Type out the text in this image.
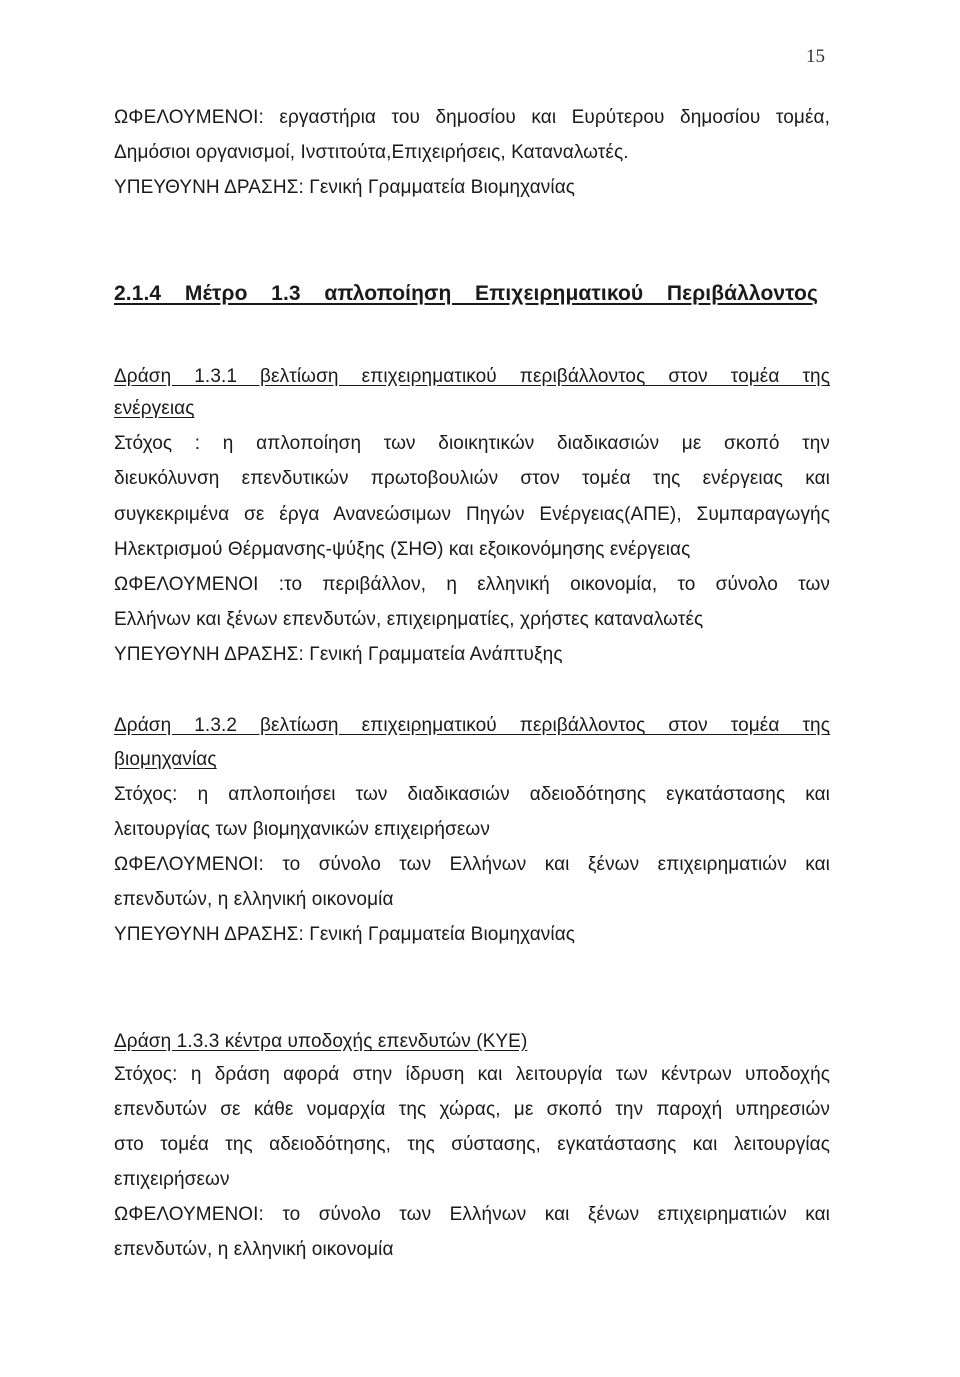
15
ΩΦΕΛΟΥΜΕΝΟΙ: εργαστήρια του δημοσίου και Ευρύτερου δημοσίου τομέα,
Δημόσιοι οργανισμοί, Ινστιτούτα,Επιχειρήσεις, Καταναλωτές.
ΥΠΕΥΘΥΝΗ ΔΡΑΣΗΣ: Γενική Γραμματεία Βιομηχανίας
2.1.4 Μέτρο 1.3 απλοποίηση Επιχειρηματικού Περιβάλλοντος
Δράση 1.3.1 βελτίωση επιχειρηματικού περιβάλλοντος στον τομέα της
ενέργειας
Στόχος : η απλοποίηση των διοικητικών διαδικασιών με σκοπό την
διευκόλυνση επενδυτικών πρωτοβουλιών στον τομέα της ενέργειας και
συγκεκριμένα σε έργα Ανανεώσιμων Πηγών Ενέργειας(ΑΠΕ), Συμπαραγωγής
Ηλεκτρισμού Θέρμανσης-ψύξης (ΣΗΘ) και εξοικονόμησης ενέργειας
ΩΦΕΛΟΥΜΕΝΟΙ :το περιβάλλον, η ελληνική οικονομία, το σύνολο των
Ελλήνων και ξένων επενδυτών, επιχειρηματίες, χρήστες καταναλωτές
ΥΠΕΥΘΥΝΗ ΔΡΑΣΗΣ: Γενική Γραμματεία Ανάπτυξης
Δράση 1.3.2 βελτίωση επιχειρηματικού περιβάλλοντος στον τομέα της
βιομηχανίας
Στόχος: η απλοποιήσει των διαδικασιών αδειοδότησης εγκατάστασης και
λειτουργίας των βιομηχανικών επιχειρήσεων
ΩΦΕΛΟΥΜΕΝΟΙ: το σύνολο των Ελλήνων και ξένων επιχειρηματιών και
επενδυτών, η ελληνική οικονομία
ΥΠΕΥΘΥΝΗ ΔΡΑΣΗΣ: Γενική Γραμματεία Βιομηχανίας
Δράση 1.3.3 κέντρα υποδοχής επενδυτών (ΚΥΕ)
Στόχος: η δράση αφορά στην ίδρυση και λειτουργία των κέντρων υποδοχής
επενδυτών σε κάθε νομαρχία της χώρας, με σκοπό την παροχή υπηρεσιών
στο τομέα της αδειοδότησης, της σύστασης, εγκατάστασης και λειτουργίας
επιχειρήσεων
ΩΦΕΛΟΥΜΕΝΟΙ: το σύνολο των Ελλήνων και ξένων επιχειρηματιών και
επενδυτών, η ελληνική οικονομία
